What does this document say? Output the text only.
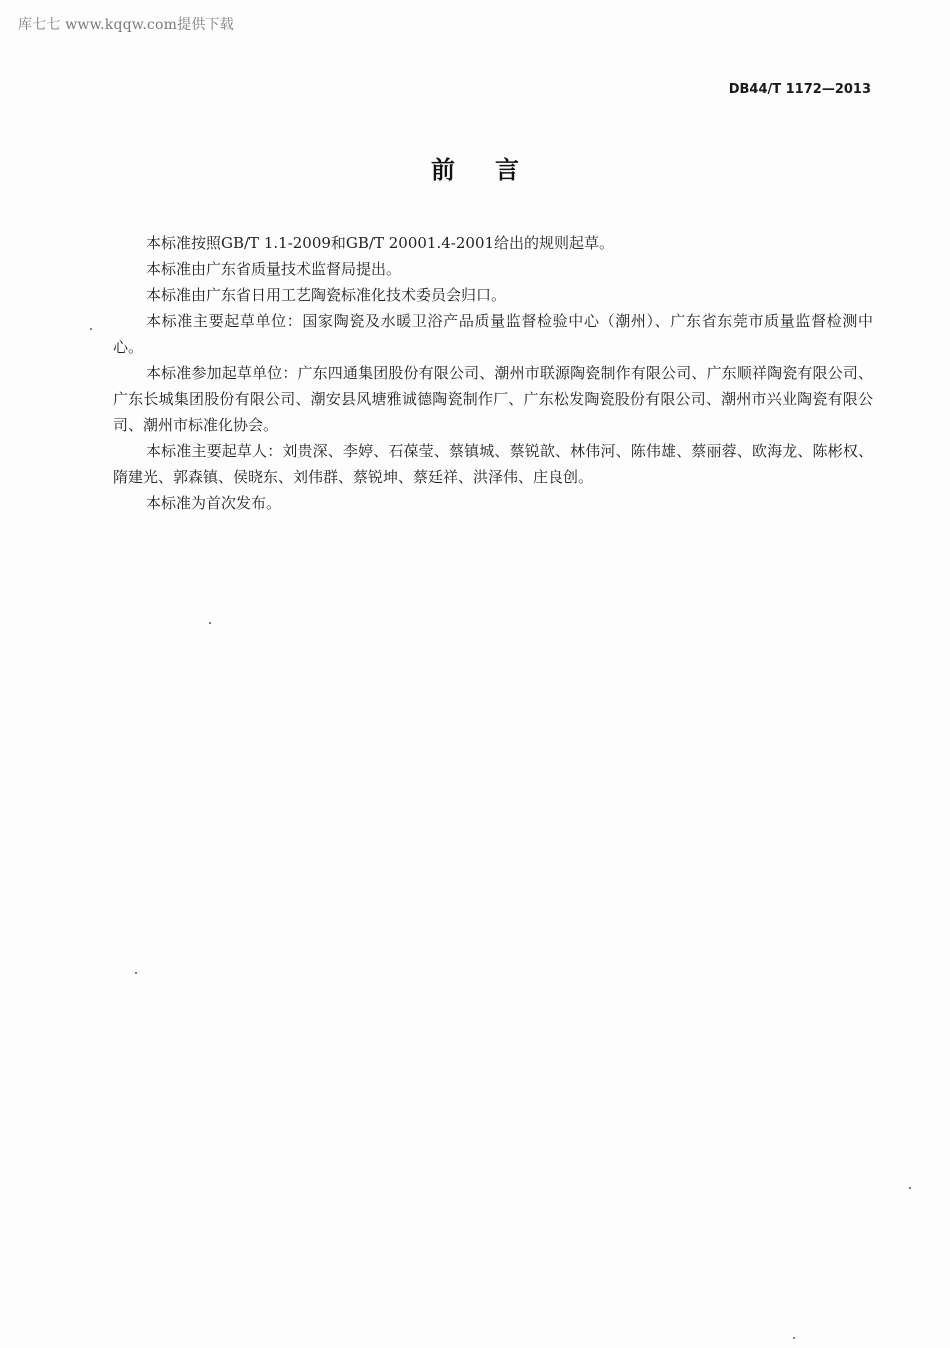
库七七 www.kqqw.com提供下载
DB44/T 1172—2013
前言

本标准按照GB/T 1.1-2009和GB/T 20001.4-2001给出的规则起草。

本标准由广东省质量技术监督局提出。

本标准由广东省日用工艺陶瓷标准化技术委员会归口。

本标准主要起草单位：国家陶瓷及水暖卫浴产品质量监督检验中心（潮州）、广东省东莞市质量监督检测中心。

本标准参加起草单位：广东四通集团股份有限公司、潮州市联源陶瓷制作有限公司、广东顺祥陶瓷有限公司、广东长城集团股份有限公司、潮安县风塘雅诚德陶瓷制作厂、广东松发陶瓷股份有限公司、潮州市兴业陶瓷有限公司、潮州市标准化协会。

本标准主要起草人：刘贵深、李婷、石葆莹、蔡镇城、蔡锐歆、林伟河、陈伟雄、蔡丽蓉、欧海龙、陈彬权、隋建光、郭森镇、侯晓东、刘伟群、蔡锐坤、蔡廷祥、洪泽伟、庄良创。

本标准为首次发布。
